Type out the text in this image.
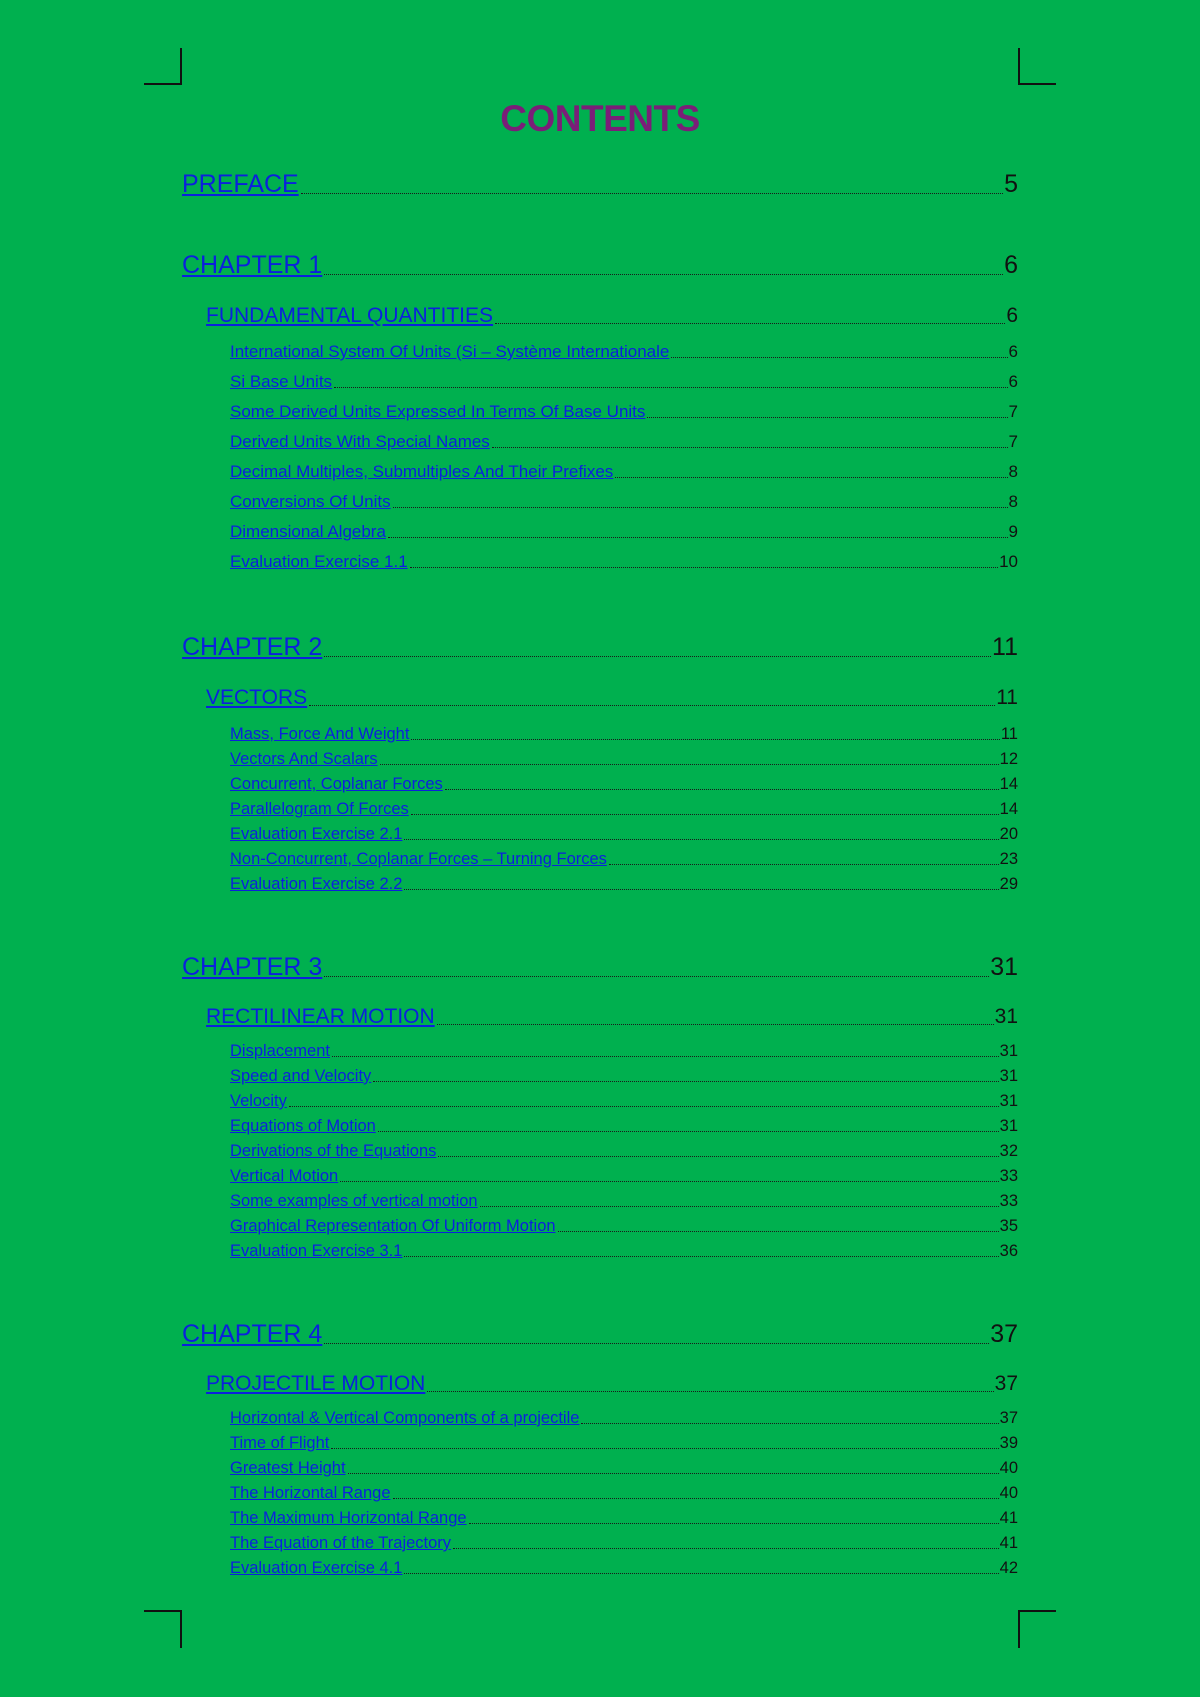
CONTENTS
PREFACE	5
CHAPTER 1	6
FUNDAMENTAL QUANTITIES	6
International System Of Units (Si – Système Internationale	6
Si Base Units	6
Some Derived Units Expressed In Terms Of Base Units	7
Derived Units With Special Names	7
Decimal Multiples, Submultiples And Their Prefixes	8
Conversions Of Units	8
Dimensional Algebra	9
Evaluation Exercise 1.1	10
CHAPTER 2	11
VECTORS	11
Mass, Force And Weight	11
Vectors And Scalars	12
Concurrent, Coplanar Forces	14
Parallelogram Of Forces	14
Evaluation Exercise 2.1	20
Non-Concurrent, Coplanar Forces – Turning Forces	23
Evaluation Exercise 2.2	29
CHAPTER 3	31
RECTILINEAR MOTION	31
Displacement	31
Speed and Velocity	31
Velocity	31
Equations of Motion	31
Derivations of the Equations	32
Vertical Motion	33
Some examples of vertical motion	33
Graphical Representation Of Uniform Motion	35
Evaluation Exercise 3.1	36
CHAPTER 4	37
PROJECTILE MOTION	37
Horizontal & Vertical Components of a projectile	37
Time of Flight	39
Greatest Height	40
The Horizontal Range	40
The Maximum Horizontal Range	41
The Equation of the Trajectory	41
Evaluation Exercise 4.1	42
